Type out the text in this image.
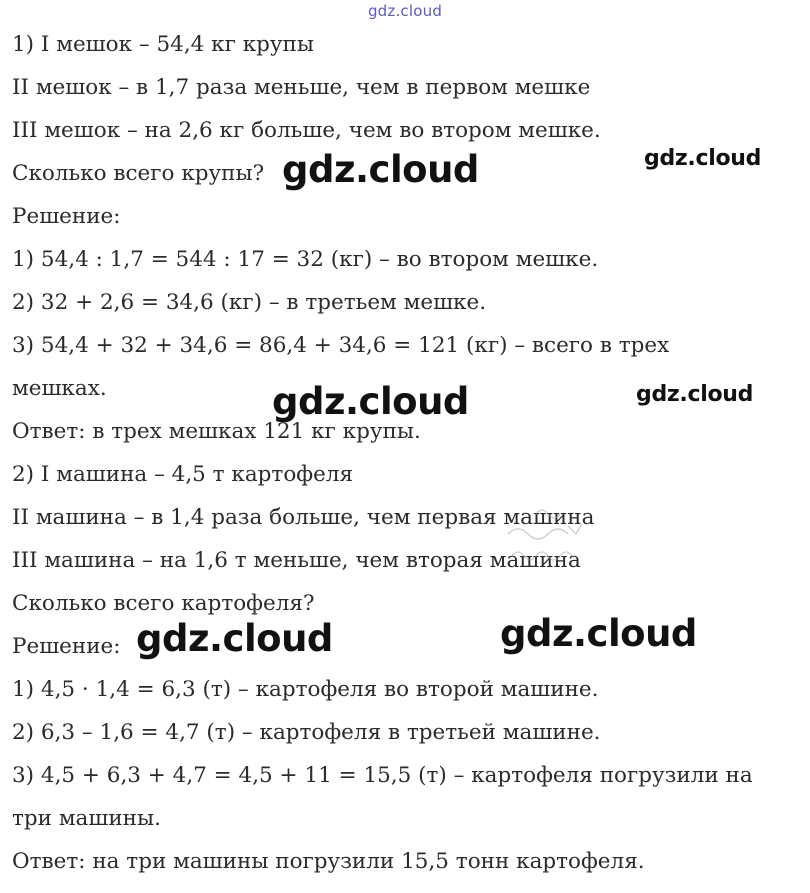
gdz.cloud
1) I мешок – 54,4 кг крупы
II мешок – в 1,7 раза меньше, чем в первом мешке
III мешок – на 2,6 кг больше, чем во втором мешке.
Сколько всего крупы?
Решение:
1) 54,4 : 1,7 = 544 : 17 = 32 (кг) – во втором мешке.
2) 32 + 2,6 = 34,6 (кг) – в третьем мешке.
3) 54,4 + 32 + 34,6 = 86,4 + 34,6 = 121 (кг) – всего в трех
мешках.
Ответ: в трех мешках 121 кг крупы.
2) I машина – 4,5 т картофеля
II машина – в 1,4 раза больше, чем первая машина
III машина – на 1,6 т меньше, чем вторая машина
Сколько всего картофеля?
Решение:
1) 4,5 · 1,4 = 6,3 (т) – картофеля во второй машине.
2) 6,3 – 1,6 = 4,7 (т) – картофеля в третьей машине.
3) 4,5 + 6,3 + 4,7 = 4,5 + 11 = 15,5 (т) – картофеля погрузили на
три машины.
Ответ: на три машины погрузили 15,5 тонн картофеля.
gdz.cloud	gdz.cloud
gdz.cloud	gdz.cloud
gdz.cloud	gdz.cloud
